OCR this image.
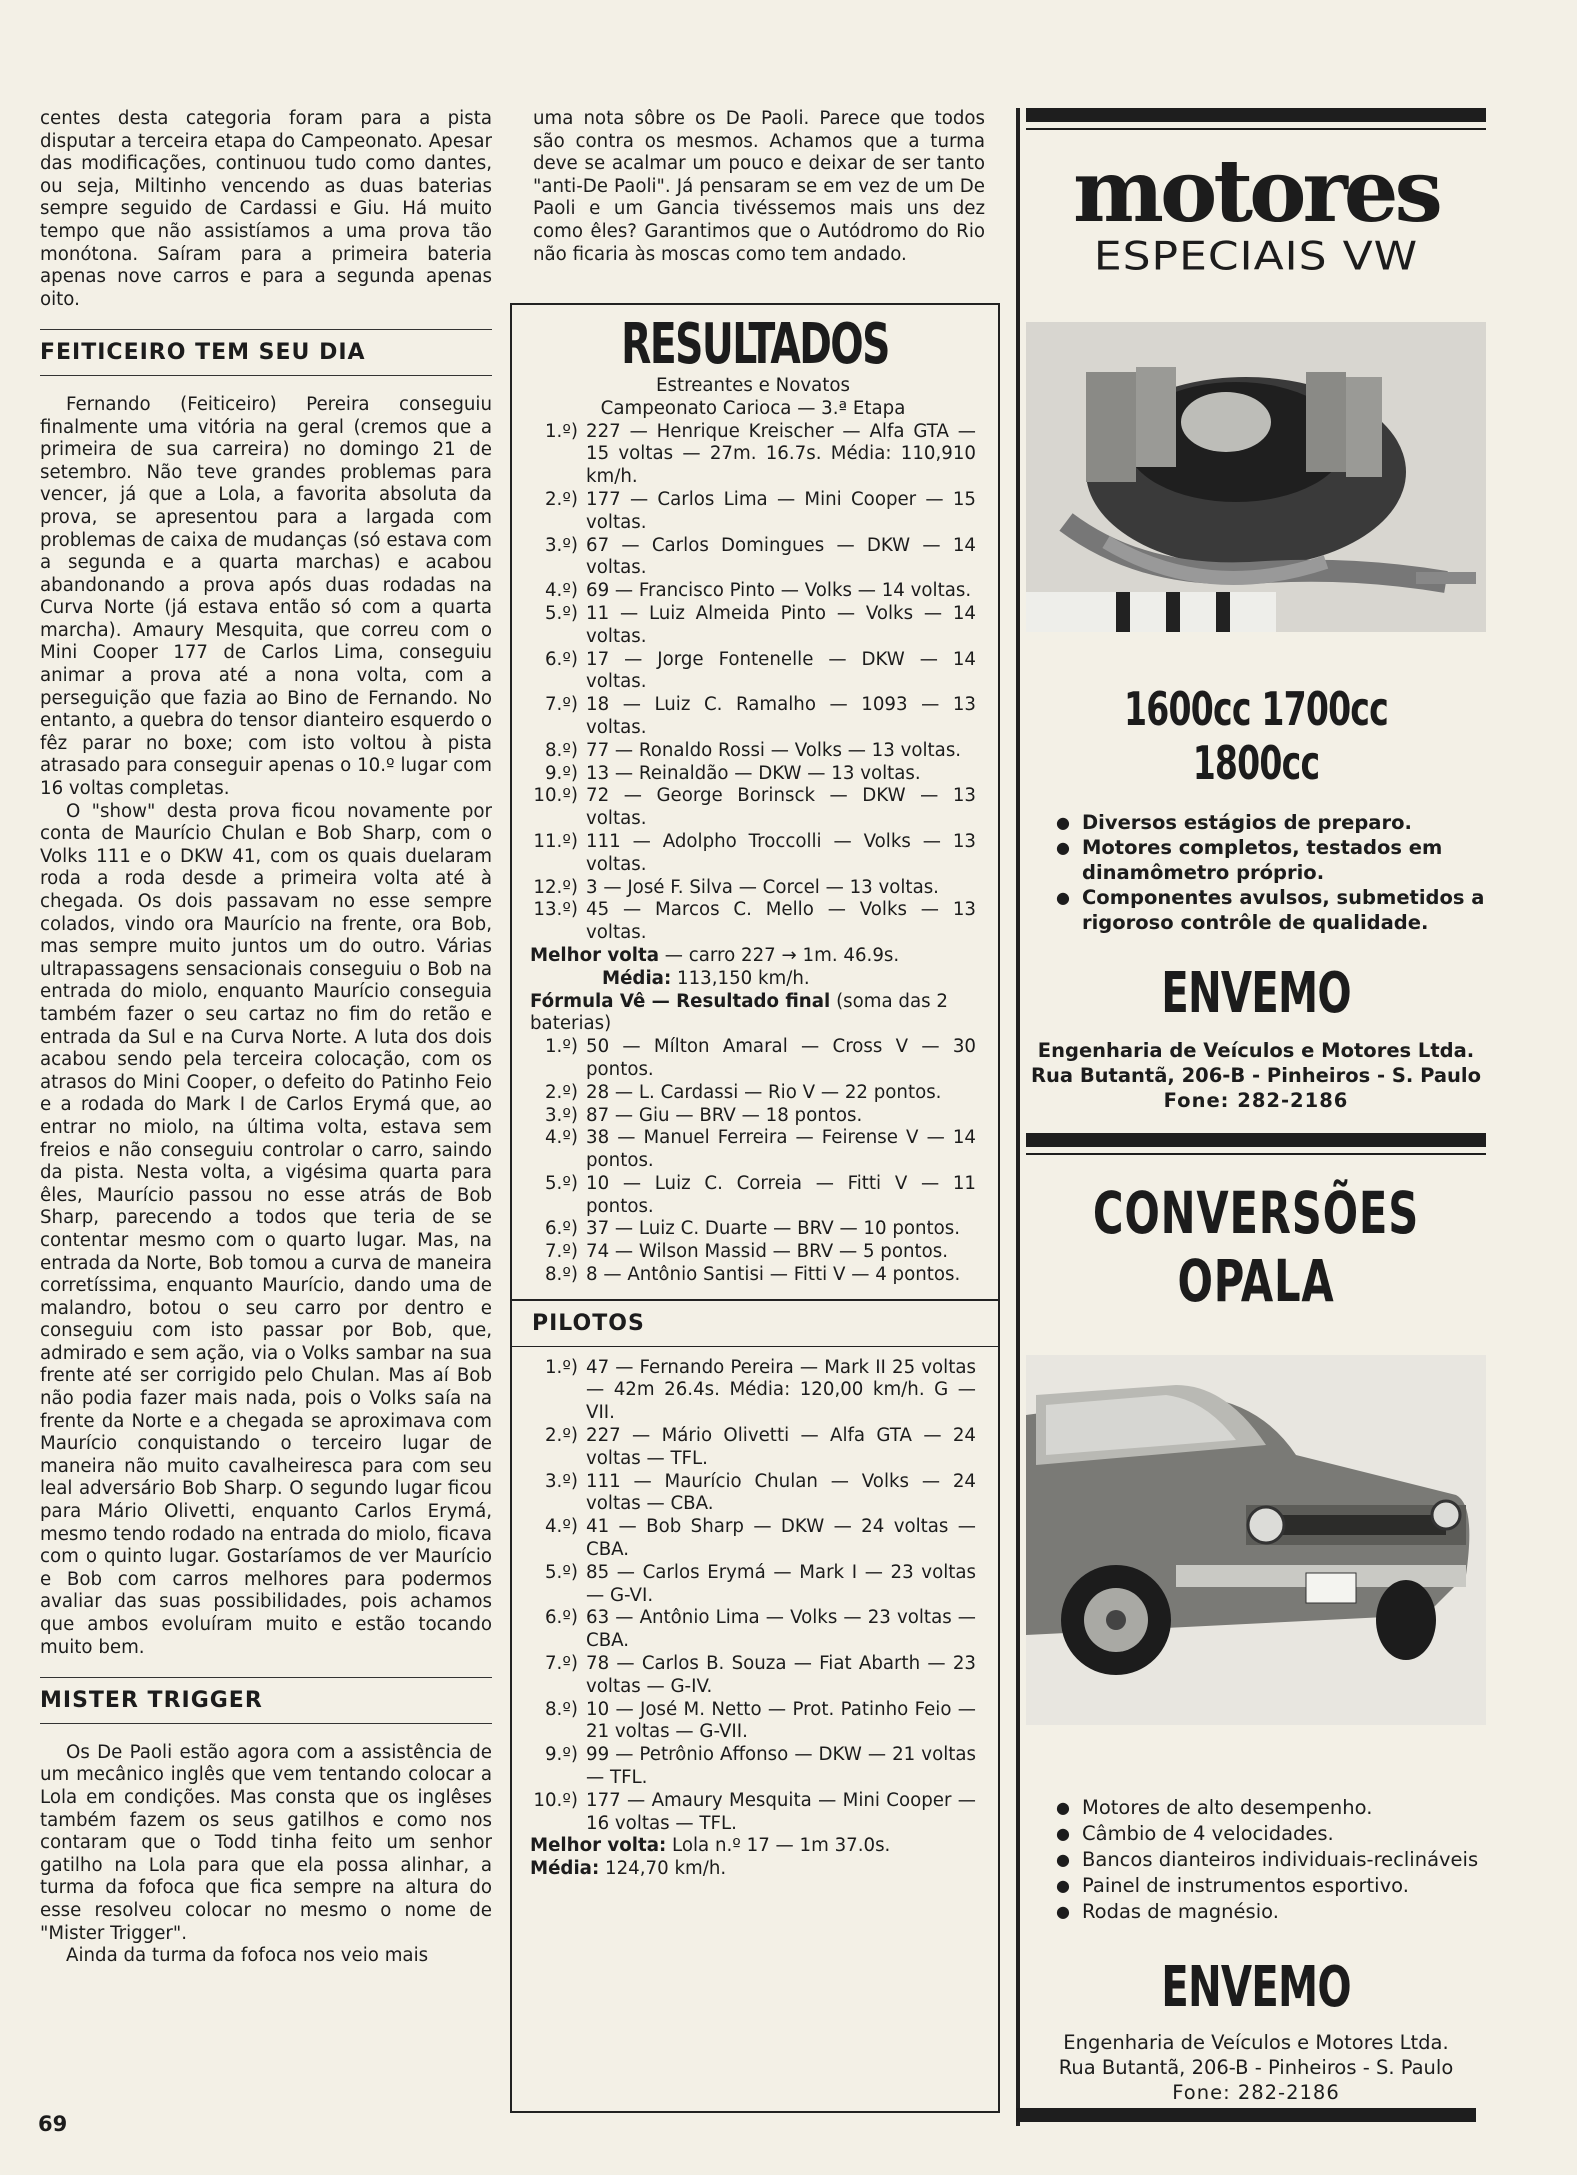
centes desta categoria foram para a pista disputar a terceira etapa do Campeonato. Apesar das modificações, continuou tudo como dantes, ou seja, Miltinho vencendo as duas baterias sempre seguido de Cardassi e Giu. Há muito tempo que não assistíamos a uma prova tão monótona. Saíram para a primeira bateria apenas nove carros e para a segunda apenas oito.

FEITICEIRO TEM SEU DIA

Fernando (Feiticeiro) Pereira conseguiu finalmente uma vitória na geral (cremos que a primeira de sua carreira) no domingo 21 de setembro. Não teve grandes problemas para vencer, já que a Lola, a favorita absoluta da prova, se apresentou para a largada com problemas de caixa de mudanças (só estava com a segunda e a quarta marchas) e acabou abandonando a prova após duas rodadas na Curva Norte (já estava então só com a quarta marcha). Amaury Mesquita, que correu com o Mini Cooper 177 de Carlos Lima, conseguiu animar a prova até a nona volta, com a perseguição que fazia ao Bino de Fernando. No entanto, a quebra do tensor dianteiro esquerdo o fêz parar no boxe; com isto voltou à pista atrasado para conseguir apenas o 10.º lugar com 16 voltas completas.

O "show" desta prova ficou novamente por conta de Maurício Chulan e Bob Sharp, com o Volks 111 e o DKW 41, com os quais duelaram roda a roda desde a primeira volta até à chegada. Os dois passavam no esse sempre colados, vindo ora Maurício na frente, ora Bob, mas sempre muito juntos um do outro. Várias ultrapassagens sensacionais conseguiu o Bob na entrada do miolo, enquanto Maurício conseguia também fazer o seu cartaz no fim do retão e entrada da Sul e na Curva Norte. A luta dos dois acabou sendo pela terceira colocação, com os atrasos do Mini Cooper, o defeito do Patinho Feio e a rodada do Mark I de Carlos Erymá que, ao entrar no miolo, na última volta, estava sem freios e não conseguiu controlar o carro, saindo da pista. Nesta volta, a vigésima quarta para êles, Maurício passou no esse atrás de Bob Sharp, parecendo a todos que teria de se contentar mesmo com o quarto lugar. Mas, na entrada da Norte, Bob tomou a curva de maneira corretíssima, enquanto Maurício, dando uma de malandro, botou o seu carro por dentro e conseguiu com isto passar por Bob, que, admirado e sem ação, via o Volks sambar na sua frente até ser corrigido pelo Chulan. Mas aí Bob não podia fazer mais nada, pois o Volks saía na frente da Norte e a chegada se aproximava com Maurício conquistando o terceiro lugar de maneira não muito cavalheiresca para com seu leal adversário Bob Sharp. O segundo lugar ficou para Mário Olivetti, enquanto Carlos Erymá, mesmo tendo rodado na entrada do miolo, ficava com o quinto lugar. Gostaríamos de ver Maurício e Bob com carros melhores para podermos avaliar das suas possibilidades, pois achamos que ambos evoluíram muito e estão tocando muito bem.

MISTER TRIGGER

Os De Paoli estão agora com a assistência de um mecânico inglês que vem tentando colocar a Lola em condições. Mas consta que os inglêses também fazem os seus gatilhos e como nos contaram que o Todd tinha feito um senhor gatilho na Lola para que ela possa alinhar, a turma da fofoca que fica sempre na altura do esse resolveu colocar no mesmo o nome de "Mister Trigger".

Ainda da turma da fofoca nos veio mais

uma nota sôbre os De Paoli. Parece que todos são contra os mesmos. Achamos que a turma deve se acalmar um pouco e deixar de ser tanto "anti-De Paoli". Já pensaram se em vez de um De Paoli e um Gancia tivéssemos mais uns dez como êles? Garantimos que o Autódromo do Rio não ficaria às moscas como tem andado.
RESULTADOS
Estreantes e Novatos
Campeonato Carioca — 3.ª Etapa
1.º) 227 — Henrique Kreischer — Alfa GTA — 15 voltas — 27m. 16.7s. Média: 110,910 km/h.
2.º) 177 — Carlos Lima — Mini Cooper — 15 voltas.
3.º) 67 — Carlos Domingues — DKW — 14 voltas.
4.º) 69 — Francisco Pinto — Volks — 14 voltas.
5.º) 11 — Luiz Almeida Pinto — Volks — 14 voltas.
6.º) 17 — Jorge Fontenelle — DKW — 14 voltas.
7.º) 18 — Luiz C. Ramalho — 1093 — 13 voltas.
8.º) 77 — Ronaldo Rossi — Volks — 13 voltas.
9.º) 13 — Reinaldão — DKW — 13 voltas.
10.º) 72 — George Borinsck — DKW — 13 voltas.
11.º) 111 — Adolpho Troccolli — Volks — 13 voltas.
12.º) 3 — José F. Silva — Corcel — 13 voltas.
13.º) 45 — Marcos C. Mello — Volks — 13 voltas.
Melhor volta — carro 227 → 1m. 46.9s.
Média: 113,150 km/h.
Fórmula Vê — Resultado final (soma das 2 baterias)
1.º) 50 — Mílton Amaral — Cross V — 30 pontos.
2.º) 28 — L. Cardassi — Rio V — 22 pontos.
3.º) 87 — Giu — BRV — 18 pontos.
4.º) 38 — Manuel Ferreira — Feirense V — 14 pontos.
5.º) 10 — Luiz C. Correia — Fitti V — 11 pontos.
6.º) 37 — Luiz C. Duarte — BRV — 10 pontos.
7.º) 74 — Wilson Massid — BRV — 5 pontos.
8.º) 8 — Antônio Santisi — Fitti V — 4 pontos.
PILOTOS
1.º) 47 — Fernando Pereira — Mark II 25 voltas — 42m 26.4s. Média: 120,00 km/h. G — VII.
2.º) 227 — Mário Olivetti — Alfa GTA — 24 voltas — TFL.
3.º) 111 — Maurício Chulan — Volks — 24 voltas — CBA.
4.º) 41 — Bob Sharp — DKW — 24 voltas — CBA.
5.º) 85 — Carlos Erymá — Mark I — 23 voltas — G-VI.
6.º) 63 — Antônio Lima — Volks — 23 voltas — CBA.
7.º) 78 — Carlos B. Souza — Fiat Abarth — 23 voltas — G-IV.
8.º) 10 — José M. Netto — Prot. Patinho Feio — 21 voltas — G-VII.
9.º) 99 — Petrônio Affonso — DKW — 21 voltas — TFL.
10.º) 177 — Amaury Mesquita — Mini Cooper — 16 voltas — TFL.
Melhor volta: Lola n.º 17 — 1m 37.0s.
Média: 124,70 km/h.
motores
ESPECIAIS VW
1600cc 1700cc 1800cc
● Diversos estágios de preparo.
● Motores completos, testados em dinamômetro próprio.
● Componentes avulsos, submetidos a rigoroso contrôle de qualidade.
ENVEMO
Engenharia de Veículos e Motores Ltda.
Rua Butantã, 206-B - Pinheiros - S. Paulo
Fone: 282-2186
CONVERSÕES OPALA
● Motores de alto desempenho.
● Câmbio de 4 velocidades.
● Bancos dianteiros individuais-reclináveis
● Painel de instrumentos esportivo.
● Rodas de magnésio.
ENVEMO
Engenharia de Veículos e Motores Ltda.
Rua Butantã, 206-B - Pinheiros - S. Paulo
Fone: 282-2186
69
